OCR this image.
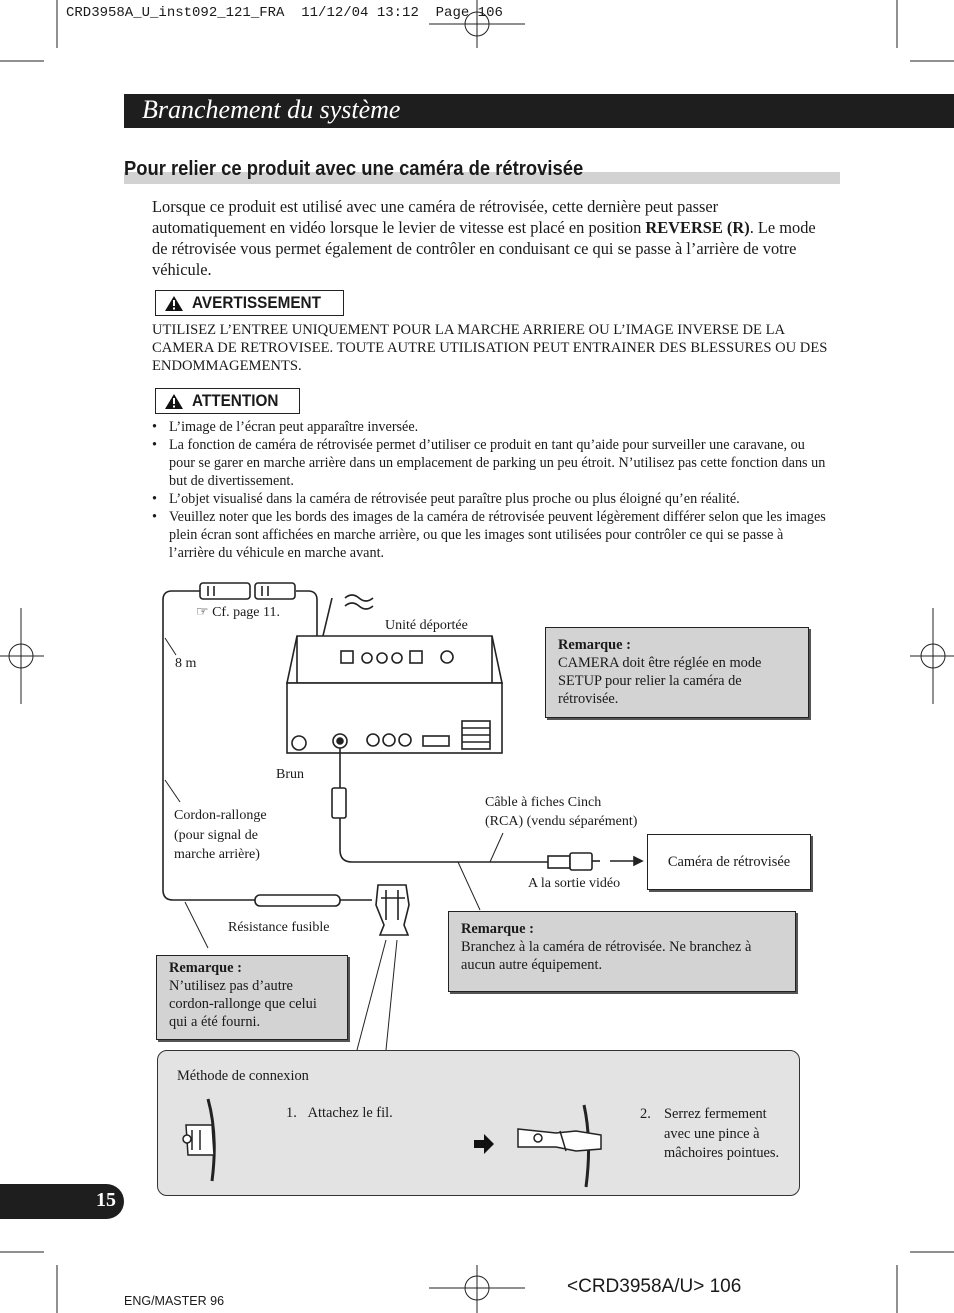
CRD3958A_U_inst092_121_FRA  11/12/04 13:12  Page 106
Branchement du système
Pour relier ce produit avec une caméra de rétrovisée
Lorsque ce produit est utilisé avec une caméra de rétrovisée, cette dernière peut passer automatiquement en vidéo lorsque le levier de vitesse est placé en position REVERSE (R). Le mode de rétrovisée vous permet également de contrôler en conduisant ce qui se passe à l’arrière de votre véhicule.
AVERTISSEMENT
UTILISEZ L’ENTREE UNIQUEMENT POUR LA MARCHE ARRIERE OU L’IMAGE INVERSE DE LA CAMERA DE RETROVISEE. TOUTE AUTRE UTILISATION PEUT ENTRAINER DES BLESSURES OU DES ENDOMMAGEMENTS.
ATTENTION
• L’image de l’écran peut apparaître inversée.
• La fonction de caméra de rétrovisée permet d’utiliser ce produit en tant qu’aide pour surveiller une caravane, ou pour se garer en marche arrière dans un emplacement de parking un peu étroit. N’utilisez pas cette fonction dans un but de divertissement.
• L’objet visualisé dans la caméra de rétrovisée peut paraître plus proche ou plus éloigné qu’en réalité.
• Veuillez noter que les bords des images de la caméra de rétrovisée peuvent légèrement différer selon que les images plein écran sont affichées en marche arrière, ou que les images sont utilisées pour contrôler ce qui se passe à l’arrière du véhicule en marche avant.
☞ Cf. page 11.
8 m
Unité déportée
Brun
Cordon-rallonge
(pour signal de
marche arrière)
Câble à fiches Cinch
(RCA) (vendu séparément)
A la sortie vidéo
Résistance fusible
Remarque :
CAMERA doit être réglée en mode SETUP pour relier la caméra de rétrovisée.
Caméra de rétrovisée
Remarque :
Branchez à la caméra de rétrovisée. Ne branchez à aucun autre équipement.
Remarque :
N’utilisez pas d’autre cordon-rallonge que celui qui a été fourni.
Méthode de connexion
1. Attachez le fil.	2. Serrez fermement avec une pince à mâchoires pointues.
15
ENG/MASTER 96
<CRD3958A/U> 106
